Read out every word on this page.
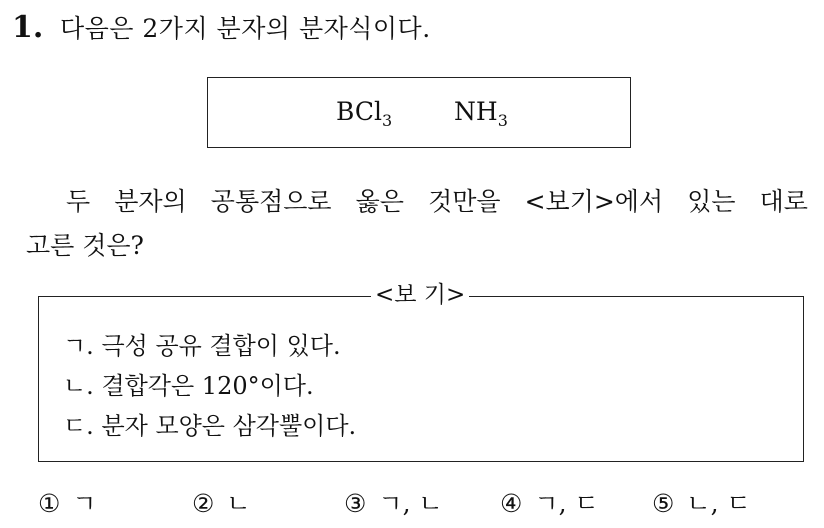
1. 다음은 2가지 분자의 분자식이다.
BCl$_3$ $NH_3$
두 분자의 공통점으로 옳은 것만을 <보기>에서 있는 대로
고른 것은?
<보 기>
ㄱ. 극성 공유 결합이 있다.
ㄴ. 결합각은 120°이다.
ㄷ. 분자 모양은 삼각뿔이다.
① ㄱ	② ㄴ	③ ㄱ, ㄴ ④ ㄱ, ㄷ ⑤ ㄴ, ㄷ
